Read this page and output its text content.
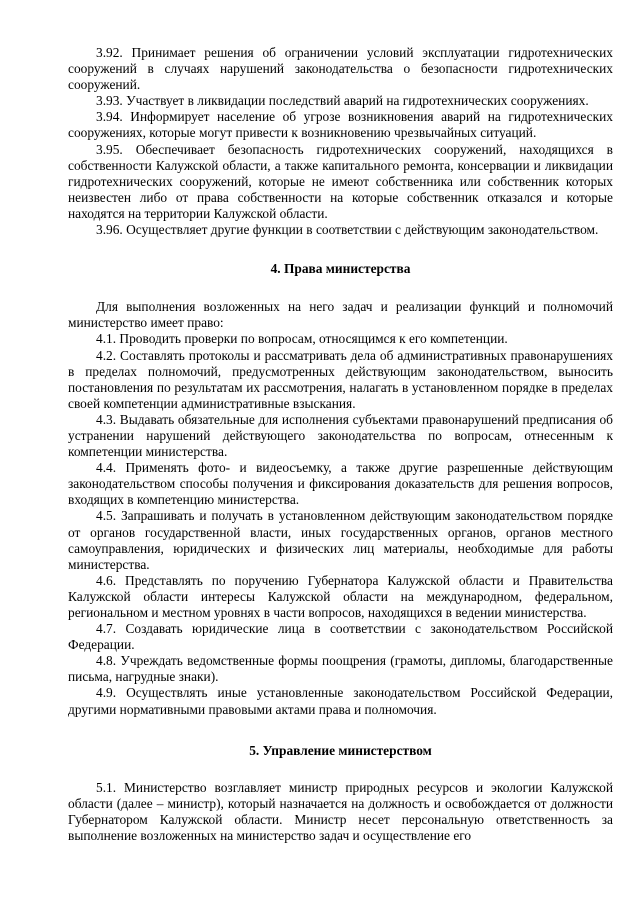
3.92. Принимает решения об ограничении условий эксплуатации гидротехнических сооружений в случаях нарушений законодательства о безопасности гидротехнических сооружений.

3.93. Участвует в ликвидации последствий аварий на гидротехнических сооружениях.

3.94. Информирует население об угрозе возникновения аварий на гидротехнических сооружениях, которые могут привести к возникновению чрезвычайных ситуаций.

3.95. Обеспечивает безопасность гидротехнических сооружений, находящихся в собственности Калужской области, а также капитального ремонта, консервации и ликвидации гидротехнических сооружений, которые не имеют собственника или собственник которых неизвестен либо от права собственности на которые собственник отказался и которые находятся на территории Калужской области.

3.96. Осуществляет другие функции в соответствии с действующим законодательством.

4. Права министерства

Для выполнения возложенных на него задач и реализации функций и полномочий министерство имеет право:

4.1. Проводить проверки по вопросам, относящимся к его компетенции.

4.2. Составлять протоколы и рассматривать дела об административных правонарушениях в пределах полномочий, предусмотренных действующим законодательством, выносить постановления по результатам их рассмотрения, налагать в установленном порядке в пределах своей компетенции административные взыскания.

4.3. Выдавать обязательные для исполнения субъектами правонарушений предписания об устранении нарушений действующего законодательства по вопросам, отнесенным к компетенции министерства.

4.4. Применять фото- и видеосъемку, а также другие разрешенные действующим законодательством способы получения и фиксирования доказательств для решения вопросов, входящих в компетенцию министерства.

4.5. Запрашивать и получать в установленном действующим законодательством порядке от органов государственной власти, иных государственных органов, органов местного самоуправления, юридических и физических лиц материалы, необходимые для работы министерства.

4.6. Представлять по поручению Губернатора Калужской области и Правительства Калужской области интересы Калужской области на международном, федеральном, региональном и местном уровнях в части вопросов, находящихся в ведении министерства.

4.7. Создавать юридические лица в соответствии с законодательством Российской Федерации.

4.8. Учреждать ведомственные формы поощрения (грамоты, дипломы, благодарственные письма, нагрудные знаки).

4.9. Осуществлять иные установленные законодательством Российской Федерации, другими нормативными правовыми актами права и полномочия.

5. Управление министерством

5.1. Министерство возглавляет министр природных ресурсов и экологии Калужской области (далее – министр), который назначается на должность и освобождается от должности Губернатором Калужской области. Министр несет персональную ответственность за выполнение возложенных на министерство задач и осуществление его
